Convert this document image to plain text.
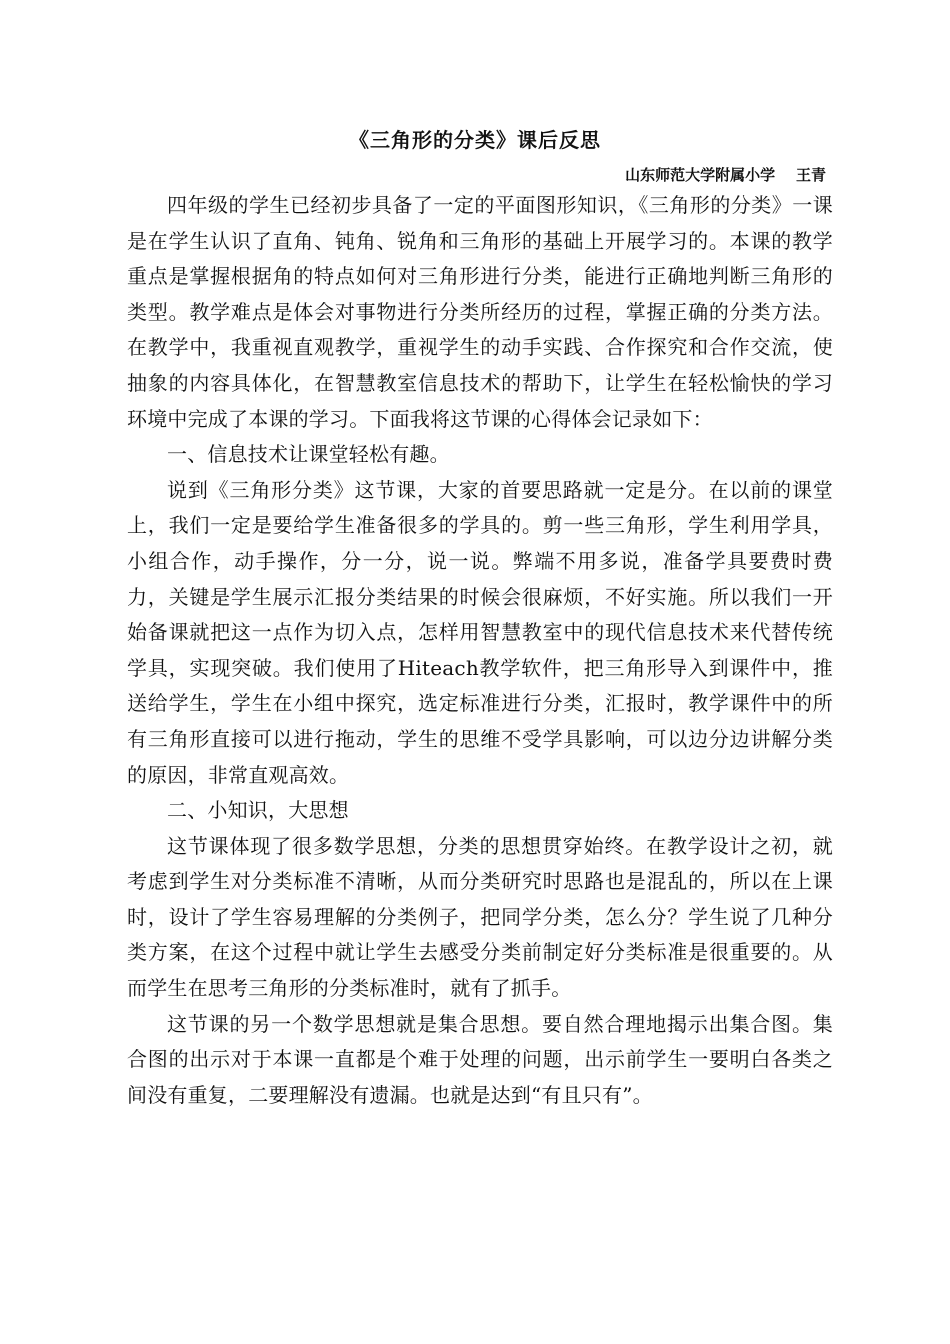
《三角形的分类》课后反思
山东师范大学附属小学    王青

四年级的学生已经初步具备了一定的平面图形知识，《三角形的分类》一课是在学生认识了直角、钝角、锐角和三角形的基础上开展学习的。本课的教学重点是掌握根据角的特点如何对三角形进行分类，能进行正确地判断三角形的类型。教学难点是体会对事物进行分类所经历的过程，掌握正确的分类方法。在教学中，我重视直观教学，重视学生的动手实践、合作探究和合作交流，使抽象的内容具体化，在智慧教室信息技术的帮助下，让学生在轻松愉快的学习环境中完成了本课的学习。下面我将这节课的心得体会记录如下：

一、信息技术让课堂轻松有趣。

说到《三角形分类》这节课，大家的首要思路就一定是分。在以前的课堂上，我们一定是要给学生准备很多的学具的。剪一些三角形，学生利用学具，小组合作，动手操作，分一分，说一说。弊端不用多说，准备学具要费时费力，关键是学生展示汇报分类结果的时候会很麻烦，不好实施。所以我们一开始备课就把这一点作为切入点，怎样用智慧教室中的现代信息技术来代替传统学具，实现突破。我们使用了Hiteach教学软件，把三角形导入到课件中，推送给学生，学生在小组中探究，选定标准进行分类，汇报时，教学课件中的所有三角形直接可以进行拖动，学生的思维不受学具影响，可以边分边讲解分类的原因，非常直观高效。

二、小知识，大思想

这节课体现了很多数学思想，分类的思想贯穿始终。在教学设计之初，就考虑到学生对分类标准不清晰，从而分类研究时思路也是混乱的，所以在上课时，设计了学生容易理解的分类例子，把同学分类，怎么分？学生说了几种分类方案，在这个过程中就让学生去感受分类前制定好分类标准是很重要的。从而学生在思考三角形的分类标准时，就有了抓手。

这节课的另一个数学思想就是集合思想。要自然合理地揭示出集合图。集合图的出示对于本课一直都是个难于处理的问题，出示前学生一要明白各类之间没有重复，二要理解没有遗漏。也就是达到“有且只有”。
